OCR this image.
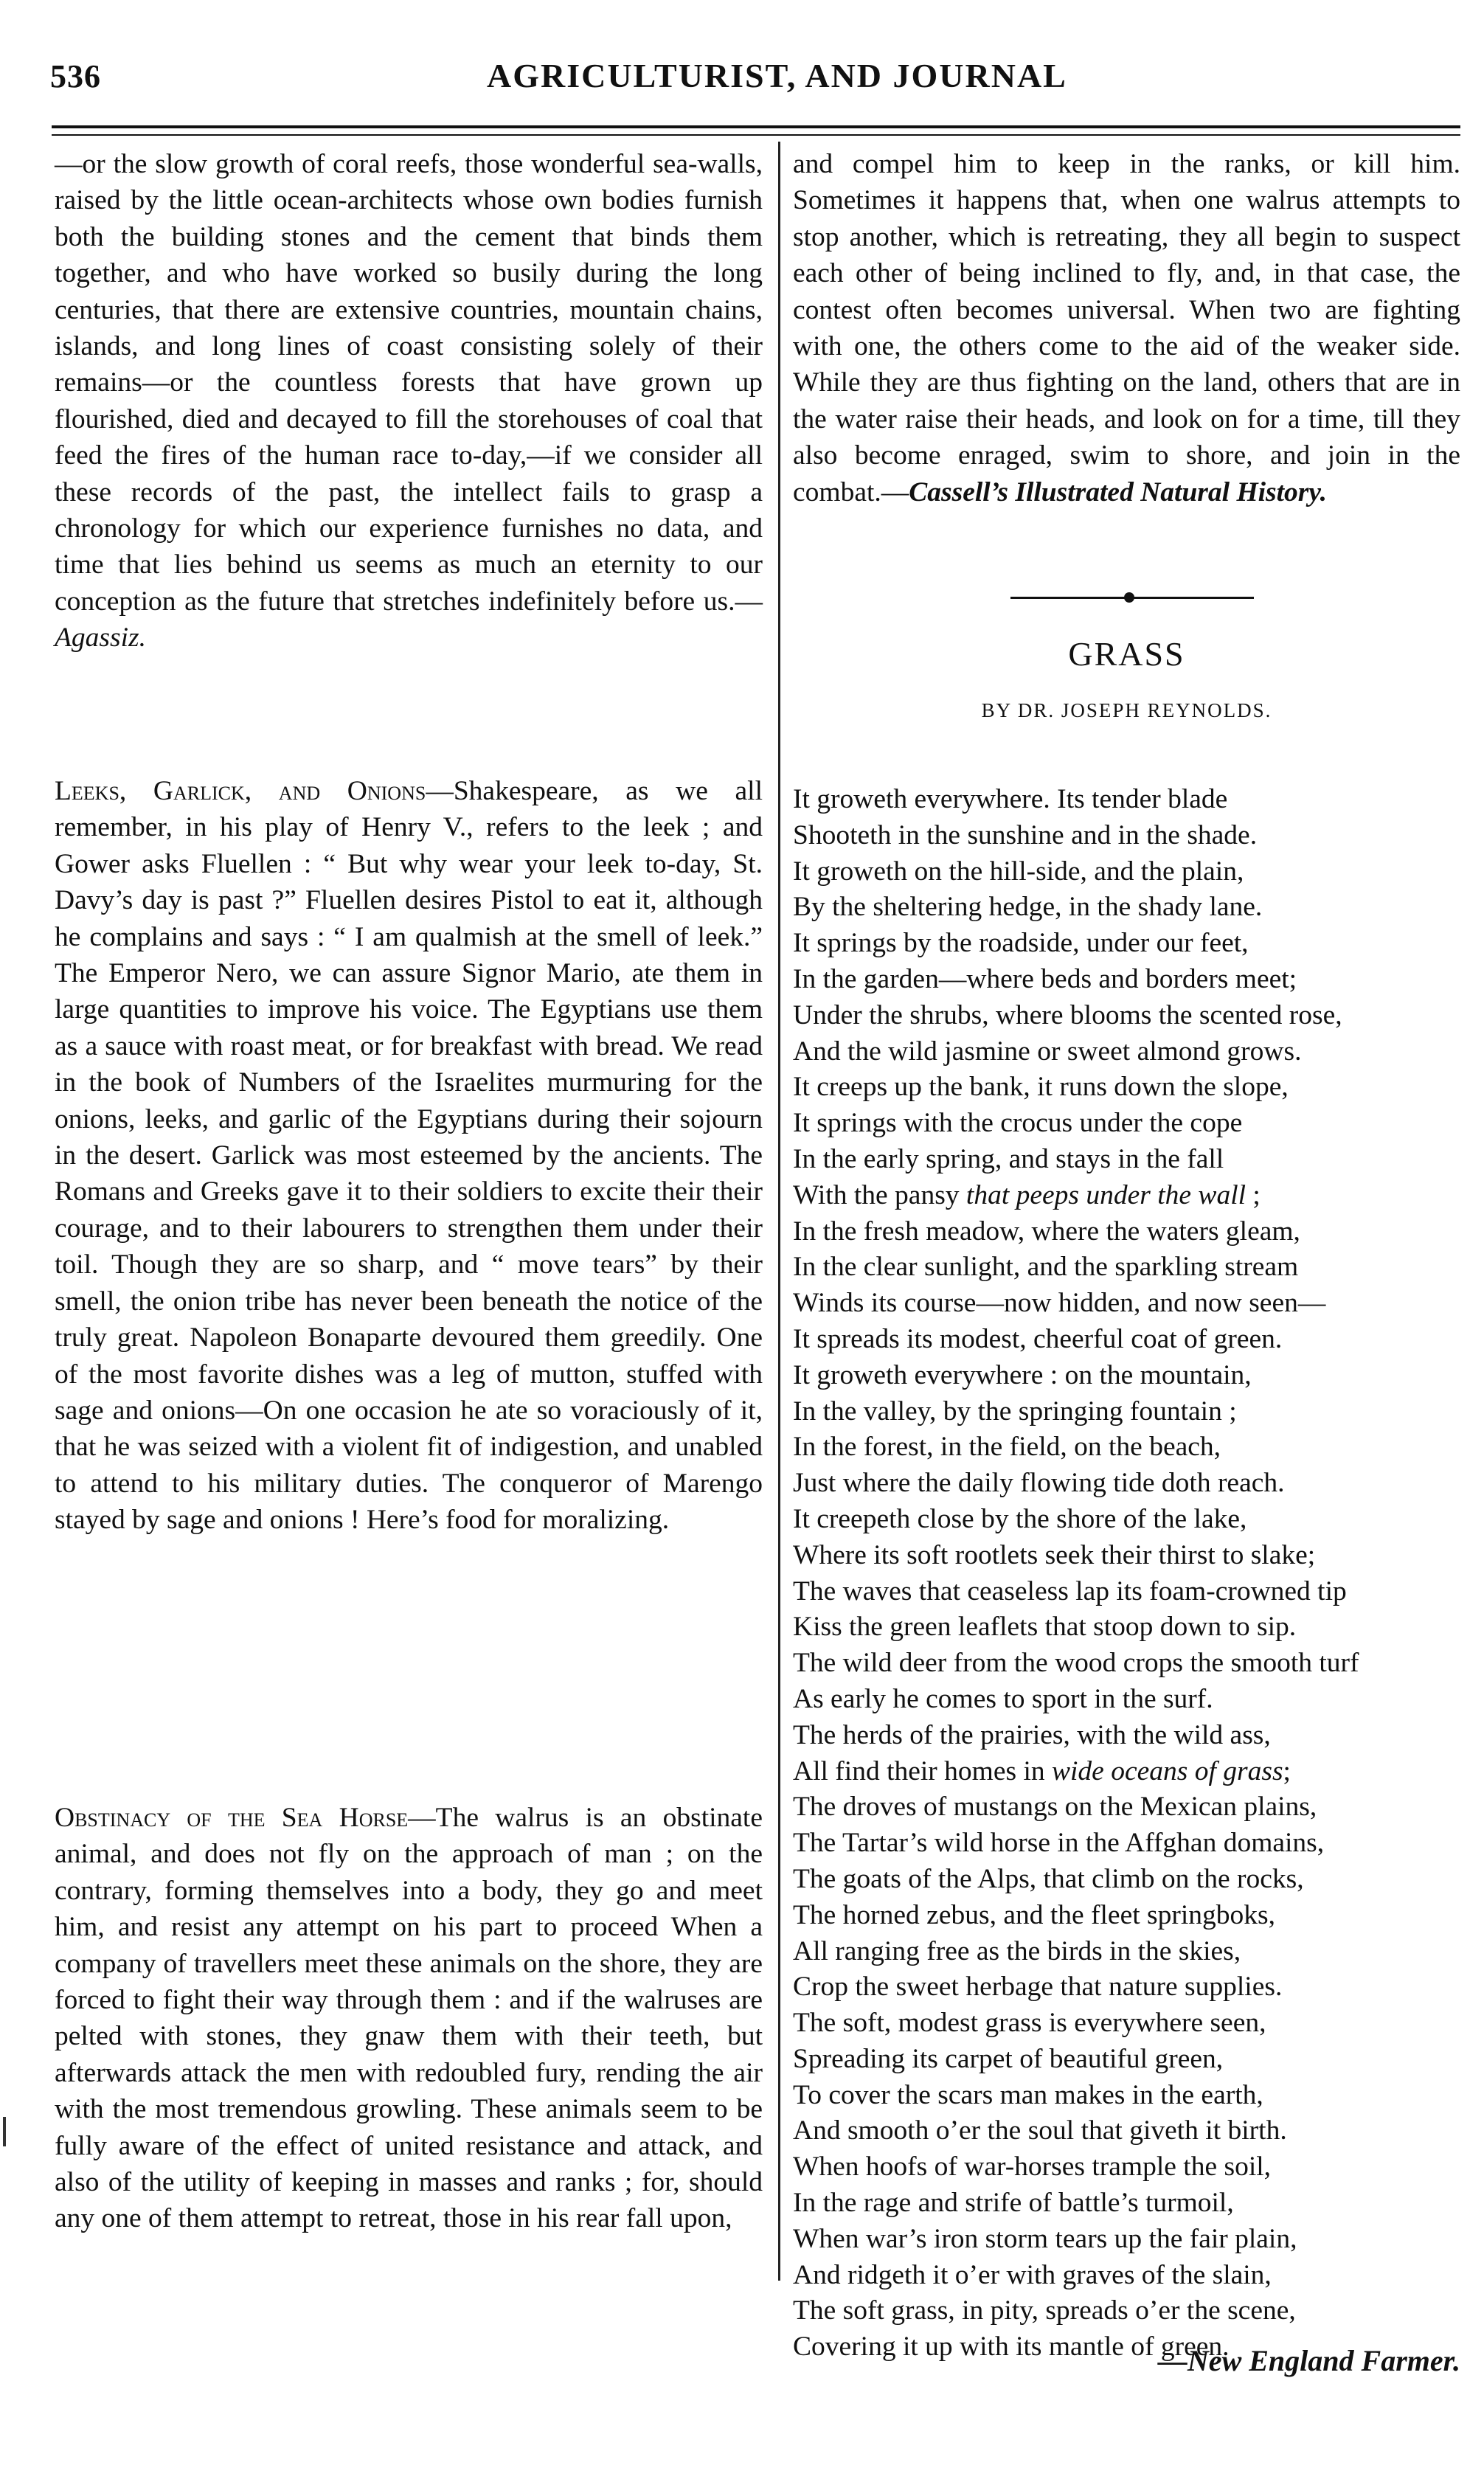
536	AGRICULTURIST, AND JOURNAL

—or the slow growth of coral reefs, those wonderful sea-walls, raised by the little ocean-architects whose own bodies furnish both the building stones and the cement that binds them together, and who have worked so busily during the long centuries, that there are extensive countries, mountain chains, islands, and long lines of coast consisting solely of their remains—or the countless forests that have grown up flourished, died and decayed to fill the storehouses of coal that feed the fires of the human race to-day,—if we consider all these records of the past, the intellect fails to grasp a chronology for which our experience furnishes no data, and time that lies behind us seems as much an eternity to our conception as the future that stretches indefinitely before us.—Agassiz.

Leeks, Garlick, and Onions—Shakespeare, as we all remember, in his play of Henry V., refers to the leek ; and Gower asks Fluellen : “ But why wear your leek to-day, St. Davy’s day is past ?” Fluellen desires Pistol to eat it, although he complains and says : “ I am qualmish at the smell of leek.” The Emperor Nero, we can assure Signor Mario, ate them in large quantities to improve his voice. The Egyptians use them as a sauce with roast meat, or for breakfast with bread. We read in the book of Numbers of the Israelites murmuring for the onions, leeks, and garlic of the Egyptians during their sojourn in the desert. Garlick was most esteemed by the ancients. The Romans and Greeks gave it to their soldiers to excite their their courage, and to their labourers to strengthen them under their toil. Though they are so sharp, and “ move tears” by their smell, the onion tribe has never been beneath the notice of the truly great. Napoleon Bonaparte devoured them greedily. One of the most favorite dishes was a leg of mutton, stuffed with sage and onions—On one occasion he ate so voraciously of it, that he was seized with a violent fit of indigestion, and unabled to attend to his military duties. The conqueror of Marengo stayed by sage and onions ! Here’s food for moralizing.

Obstinacy of the Sea Horse—The walrus is an obstinate animal, and does not fly on the approach of man ; on the contrary, forming themselves into a body, they go and meet him, and resist any attempt on his part to proceed When a company of travellers meet these animals on the shore, they are forced to fight their way through them : and if the walruses are pelted with stones, they gnaw them with their teeth, but afterwards attack the men with redoubled fury, rending the air with the most tremendous growling. These animals seem to be fully aware of the effect of united resistance and attack, and also of the utility of keeping in masses and ranks ; for, should any one of them attempt to retreat, those in his rear fall upon,

and compel him to keep in the ranks, or kill him. Sometimes it happens that, when one walrus attempts to stop another, which is retreating, they all begin to suspect each other of being inclined to fly, and, in that case, the contest often becomes universal. When two are fighting with one, the others come to the aid of the weaker side. While they are thus fighting on the land, others that are in the water raise their heads, and look on for a time, till they also become enraged, swim to shore, and join in the combat.—Cassell’s Illustrated Natural History.

GRASS
BY DR. JOSEPH REYNOLDS.
It groweth everywhere. Its tender blade
Shooteth in the sunshine and in the shade.
It groweth on the hill-side, and the plain,
By the sheltering hedge, in the shady lane.
It springs by the roadside, under our feet,
In the garden—where beds and borders meet;
Under the shrubs, where blooms the scented rose,
And the wild jasmine or sweet almond grows.
It creeps up the bank, it runs down the slope,
It springs with the crocus under the cope
In the early spring, and stays in the fall
With the pansy that peeps under the wall ;
In the fresh meadow, where the waters gleam,
In the clear sunlight, and the sparkling stream
Winds its course—now hidden, and now seen—
It spreads its modest, cheerful coat of green.
It groweth everywhere : on the mountain,
In the valley, by the springing fountain ;
In the forest, in the field, on the beach,
Just where the daily flowing tide doth reach.
It creepeth close by the shore of the lake,
Where its soft rootlets seek their thirst to slake;
The waves that ceaseless lap its foam-crowned tip
Kiss the green leaflets that stoop down to sip.
The wild deer from the wood crops the smooth turf
As early he comes to sport in the surf.
The herds of the prairies, with the wild ass,
All find their homes in wide oceans of grass;
The droves of mustangs on the Mexican plains,
The Tartar’s wild horse in the Affghan domains,
The goats of the Alps, that climb on the rocks,
The horned zebus, and the fleet springboks,
All ranging free as the birds in the skies,
Crop the sweet herbage that nature supplies.
The soft, modest grass is everywhere seen,
Spreading its carpet of beautiful green,
To cover the scars man makes in the earth,
And smooth o’er the soul that giveth it birth.
When hoofs of war-horses trample the soil,
In the rage and strife of battle’s turmoil,
When war’s iron storm tears up the fair plain,
And ridgeth it o’er with graves of the slain,
The soft grass, in pity, spreads o’er the scene,
Covering it up with its mantle of green.
—New England Farmer.
